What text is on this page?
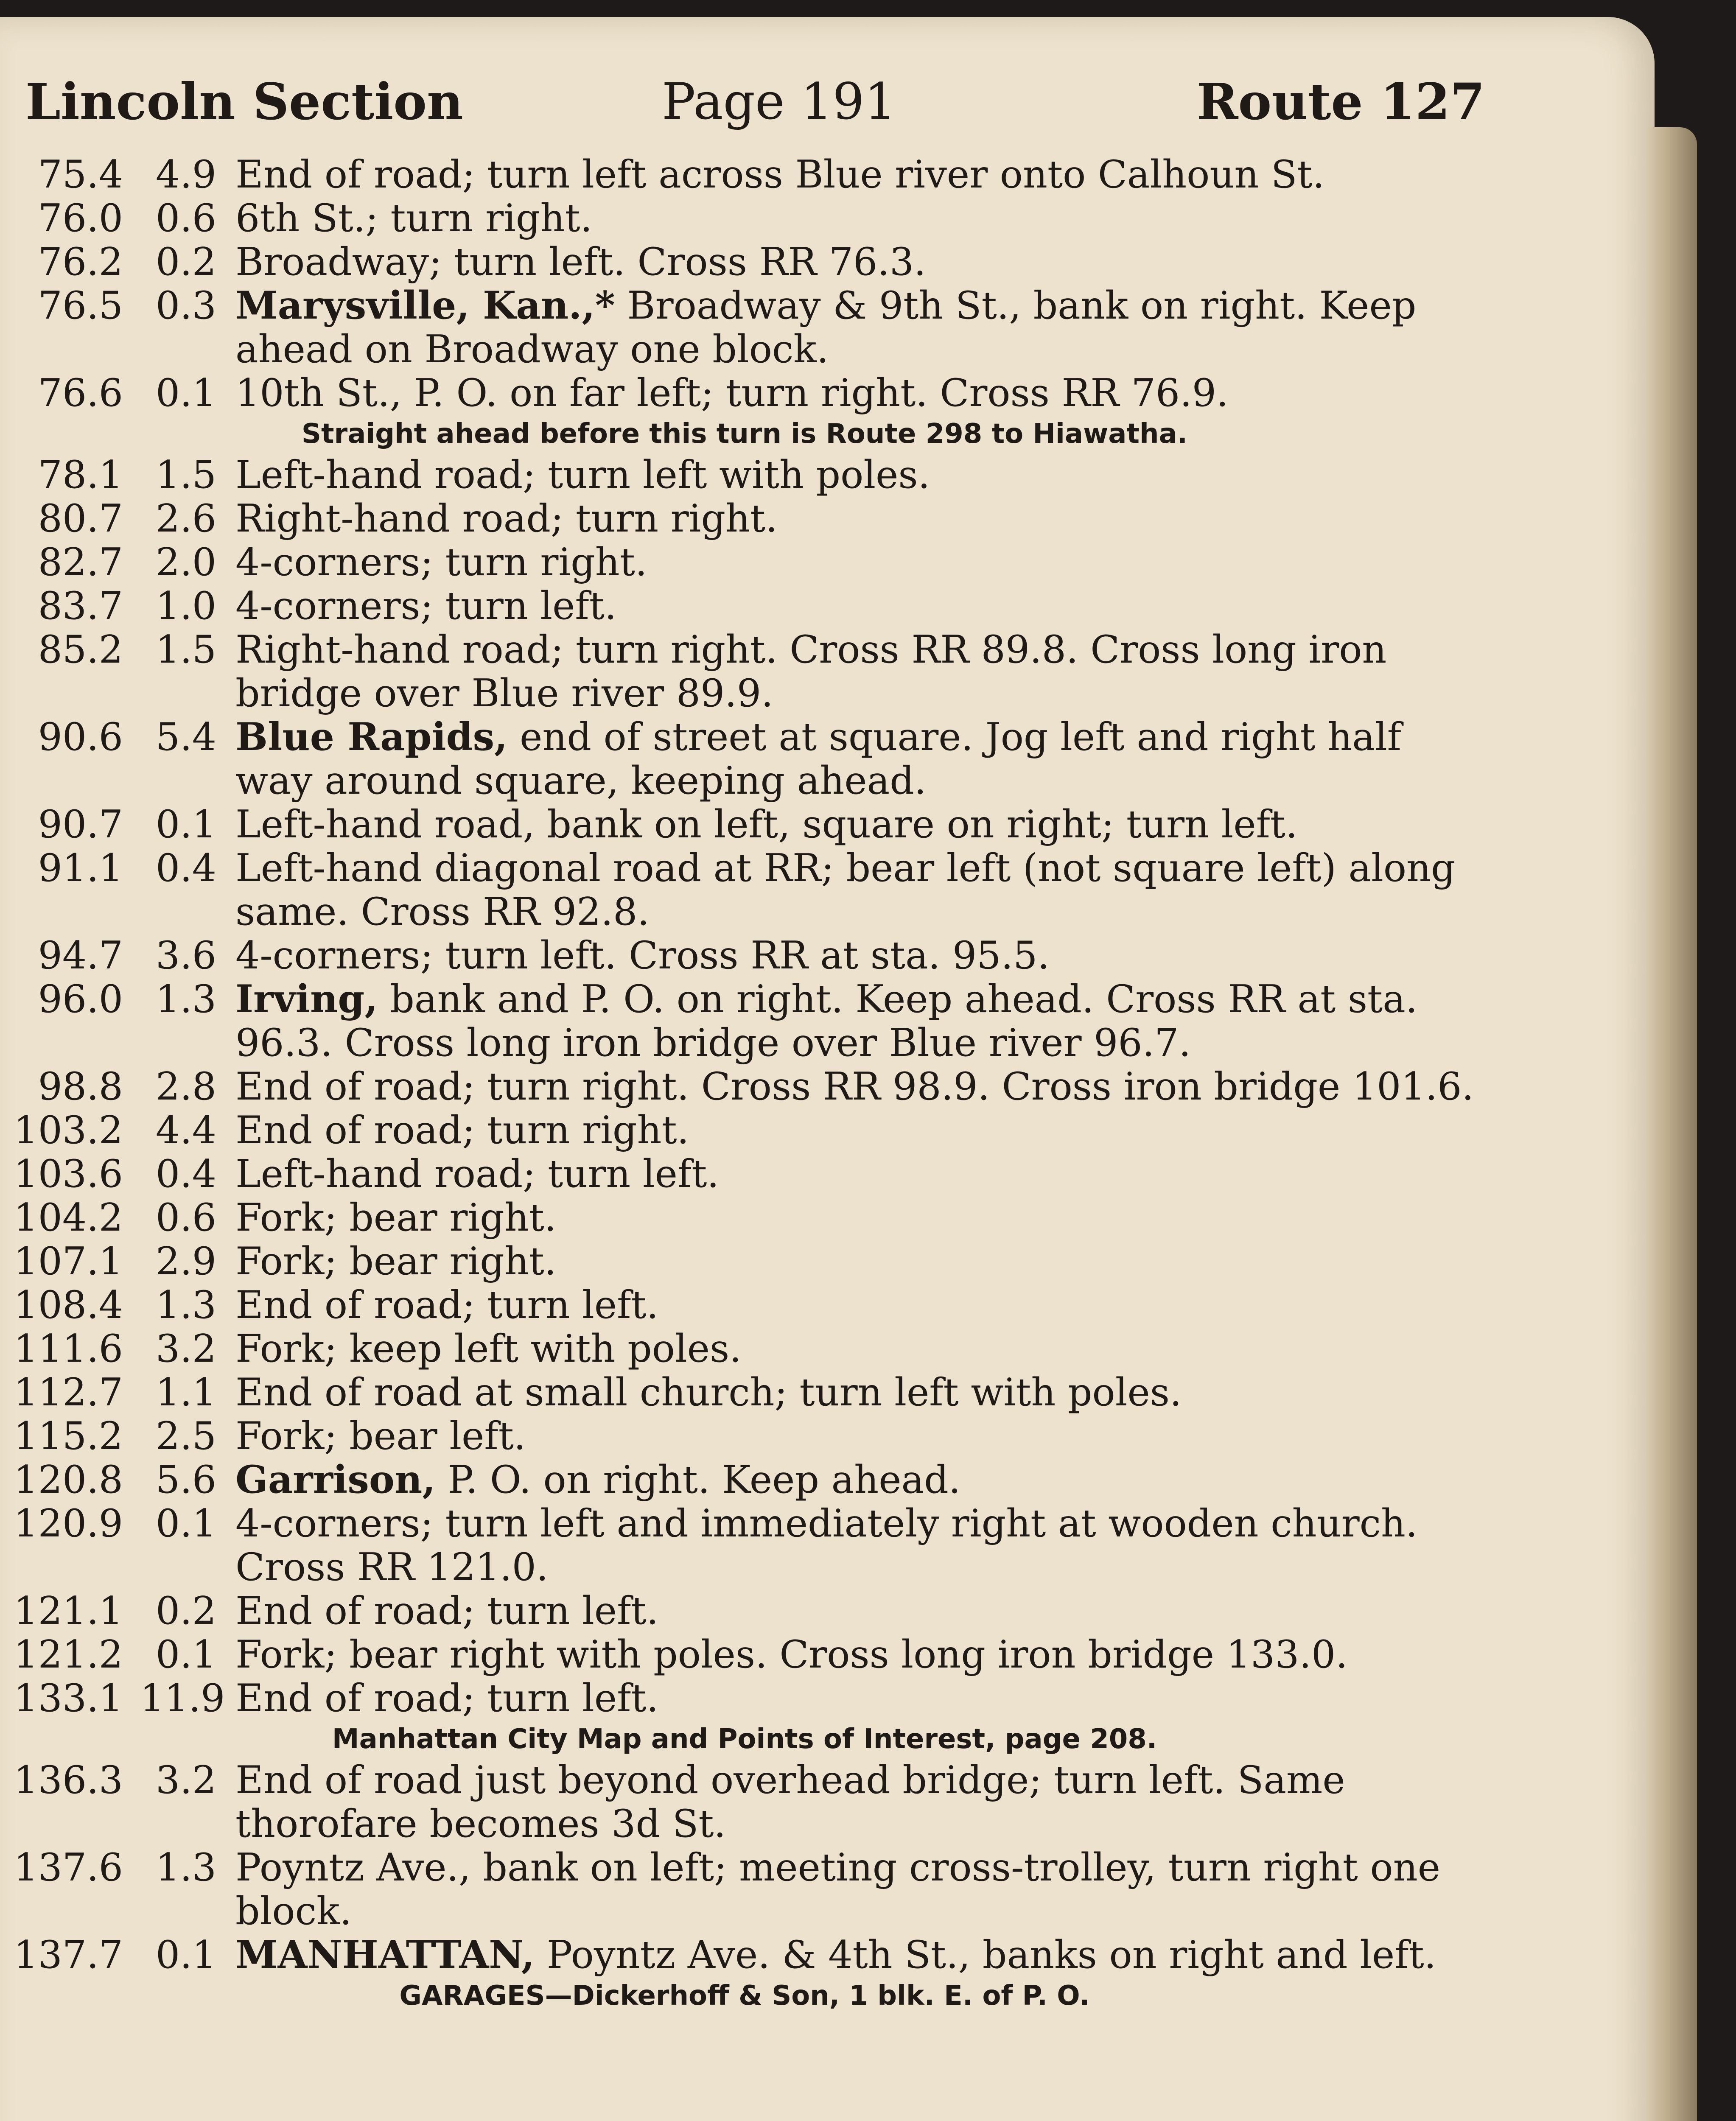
Lincoln Section	Page 191	Route 127
75.4 4.9 End of road; turn left across Blue river onto Calhoun St.
76.0 0.6 6th St.; turn right.
76.2 0.2 Broadway; turn left. Cross RR 76.3.
76.5 0.3 Marysville, Kan.,* Broadway & 9th St., bank on right. Keep ahead on Broadway one block.
76.6 0.1 10th St., P. O. on far left; turn right. Cross RR 76.9.
Straight ahead before this turn is Route 298 to Hiawatha.
78.1 1.5 Left-hand road; turn left with poles.
80.7 2.6 Right-hand road; turn right.
82.7 2.0 4-corners; turn right.
83.7 1.0 4-corners; turn left.
85.2 1.5 Right-hand road; turn right. Cross RR 89.8. Cross long iron bridge over Blue river 89.9.
90.6 5.4 Blue Rapids, end of street at square. Jog left and right half way around square, keeping ahead.
90.7 0.1 Left-hand road, bank on left, square on right; turn left.
91.1 0.4 Left-hand diagonal road at RR; bear left (not square left) along same. Cross RR 92.8.
94.7 3.6 4-corners; turn left. Cross RR at sta. 95.5.
96.0 1.3 Irving, bank and P. O. on right. Keep ahead. Cross RR at sta. 96.3. Cross long iron bridge over Blue river 96.7.
98.8 2.8 End of road; turn right. Cross RR 98.9. Cross iron bridge 101.6.
103.2 4.4 End of road; turn right.
103.6 0.4 Left-hand road; turn left.
104.2 0.6 Fork; bear right.
107.1 2.9 Fork; bear right.
108.4 1.3 End of road; turn left.
111.6 3.2 Fork; keep left with poles.
112.7 1.1 End of road at small church; turn left with poles.
115.2 2.5 Fork; bear left.
120.8 5.6 Garrison, P. O. on right. Keep ahead.
120.9 0.1 4-corners; turn left and immediately right at wooden church. Cross RR 121.0.
121.1 0.2 End of road; turn left.
121.2 0.1 Fork; bear right with poles. Cross long iron bridge 133.0.
133.1 11.9 End of road; turn left.
Manhattan City Map and Points of Interest, page 208.
136.3 3.2 End of road just beyond overhead bridge; turn left. Same thorofare becomes 3d St.
137.6 1.3 Poyntz Ave., bank on left; meeting cross-trolley, turn right one block.
137.7 0.1 MANHATTAN, Poyntz Ave. & 4th St., banks on right and left.
GARAGES—Dickerhoff & Son, 1 blk. E. of P. O.
